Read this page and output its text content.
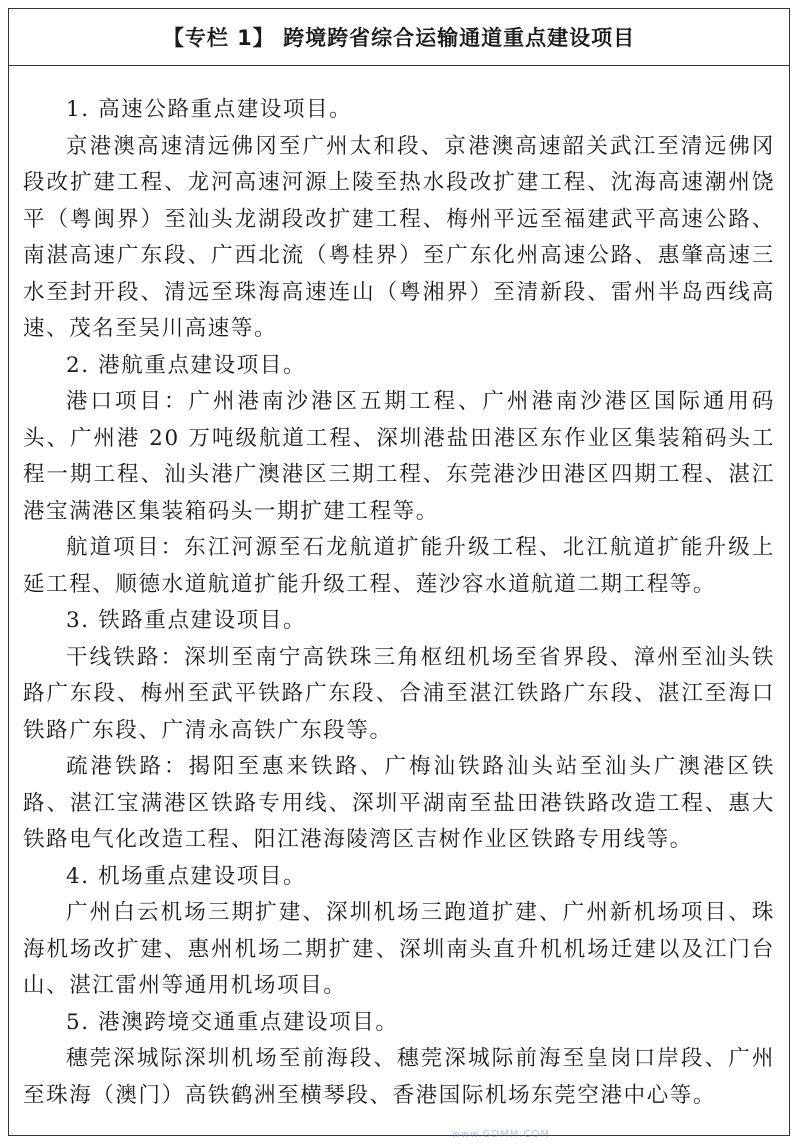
【专栏 1】 跨境跨省综合运输通道重点建设项目

1. 高速公路重点建设项目。

京港澳高速清远佛冈至广州太和段、京港澳高速韶关武江至清远佛冈段改扩建工程、龙河高速河源上陵至热水段改扩建工程、沈海高速潮州饶平（粤闽界）至汕头龙湖段改扩建工程、梅州平远至福建武平高速公路、南湛高速广东段、广西北流（粤桂界）至广东化州高速公路、惠肇高速三水至封开段、清远至珠海高速连山（粤湘界）至清新段、雷州半岛西线高速、茂名至吴川高速等。

2. 港航重点建设项目。

港口项目：广州港南沙港区五期工程、广州港南沙港区国际通用码头、广州港 20 万吨级航道工程、深圳港盐田港区东作业区集装箱码头工程一期工程、汕头港广澳港区三期工程、东莞港沙田港区四期工程、湛江港宝满港区集装箱码头一期扩建工程等。

航道项目：东江河源至石龙航道扩能升级工程、北江航道扩能升级上延工程、顺德水道航道扩能升级工程、莲沙容水道航道二期工程等。

3. 铁路重点建设项目。

干线铁路：深圳至南宁高铁珠三角枢纽机场至省界段、漳州至汕头铁路广东段、梅州至武平铁路广东段、合浦至湛江铁路广东段、湛江至海口铁路广东段、广清永高铁广东段等。

疏港铁路：揭阳至惠来铁路、广梅汕铁路汕头站至汕头广澳港区铁路、湛江宝满港区铁路专用线、深圳平湖南至盐田港铁路改造工程、惠大铁路电气化改造工程、阳江港海陵湾区吉树作业区铁路专用线等。

4. 机场重点建设项目。

广州白云机场三期扩建、深圳机场三跑道扩建、广州新机场项目、珠海机场改扩建、惠州机场二期扩建、深圳南头直升机机场迁建以及江门台山、湛江雷州等通用机场项目。

5. 港澳跨境交通重点建设项目。

穗莞深城际深圳机场至前海段、穗莞深城际前海至皇岗口岸段、广州至珠海（澳门）高铁鹤洲至横琴段、香港国际机场东莞空港中心等。

www.GDMM.COM
